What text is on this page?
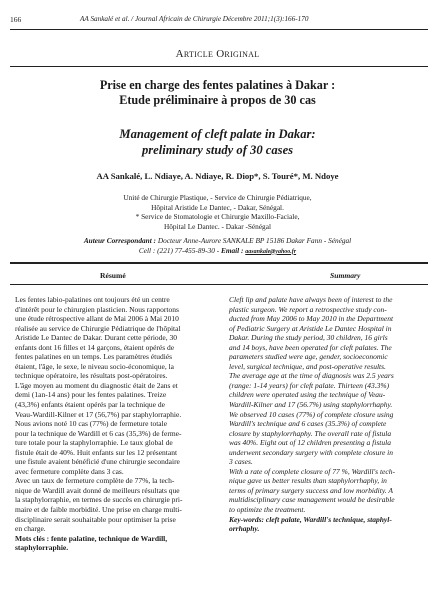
166	AA Sankalé et al. / Journal Africain de Chirurgie Décembre 2011;1(3):166-170
Article Original
Prise en charge des fentes palatines à Dakar :
Etude préliminaire à propos de 30 cas
Management of cleft palate in Dakar:
preliminary study of 30 cases
AA Sankalé, L. Ndiaye, A. Ndiaye, R. Diop*, S. Touré*, M. Ndoye
Unité de Chirurgie Plastique, - Service de Chirurgie Pédiatrique,
Hôpital Aristide Le Dantec, - Dakar, Sénégal.
* Service de Stomatologie et Chirurgie Maxillo-Faciale,
Hôpital Le Dantec. - Dakar -Sénégal
Auteur Correspondant : Docteur Anne-Aurore SANKALE BP 15186 Dakar Fann - Sénégal
Cell : (221) 77-455-89-30 - Email : aasankale@yahoo.fr
Résumé	Summary

Les fentes labio-palatines ont toujours été un centre
d'intérêt pour le chirurgien plasticien. Nous rapportons
une étude rétrospective allant de Mai 2006 à Mai 2010
réalisée au service de Chirurgie Pédiatrique de l'hôpital
Aristide Le Dantec de Dakar. Durant cette période, 30
enfants dont 16 filles et 14 garçons, étaient opérés de
fentes palatines en un temps. Les paramètres étudiés
étaient, l'âge, le sexe, le niveau socio-économique, la
technique opératoire, les résultats post-opératoires.
L'âge moyen au moment du diagnostic était de 2ans et
demi (1an-14 ans) pour les fentes palatines. Treize
(43,3%) enfants étaient opérés par la technique de
Veau-Wardill-Kilner et 17 (56,7%) par staphylorraphie.
Nous avions noté 10 cas (77%) de fermeture totale
pour la technique de Wardill et 6 cas (35,3%) de ferme-
ture totale pour la staphylorraphie. Le taux global de
fistule était de 40%. Huit enfants sur les 12 présentant
une fistule avaient bénéficié d'une chirurgie secondaire
avec fermeture complète dans 3 cas.
Avec un taux de fermeture complète de 77%, la tech-
nique de Wardill avait donné de meilleurs résultats que
la staphylorraphie, en termes de succès en chirurgie pri-
maire et de faible morbidité. Une prise en charge multi-
disciplinaire serait souhaitable pour optimiser la prise
en charge.

Mots clés : fente palatine, technique de Wardill,
staphylorraphie.

Cleft lip and palate have always been of interest to the
plastic surgeon. We report a retrospective study con-
ducted from May 2006 to May 2010 in the Department
of Pediatric Surgery at Aristide Le Dantec Hospital in
Dakar. During the study period, 30 children, 16 girls
and 14 boys, have been operated for cleft palates. The
parameters studied were age, gender, socioeconomic
level, surgical technique, and post-operative results.
The average age at the time of diagnosis was 2.5 years
(range: 1-14 years) for cleft palate. Thirteen (43.3%)
children were operated using the technique of Veau-
Wardill-Kilner and 17 (56.7%) using staphylorrhaphy.
We observed 10 cases (77%) of complete closure using
Wardill's technique and 6 cases (35.3%) of complete
closure by staphylorrhaphy. The overall rate of fistula
was 40%. Eight out of 12 children presenting a fistula
underwent secondary surgery with complete closure in
3 cases.
With a rate of complete closure of 77 %, Wardill's tech-
nique gave us better results than staphylorrhaphy, in
terms of primary surgery success and low morbidity. A
multidisciplinary case management would be desirable
to optimize the treatment.

Key-words: cleft palate, Wardill's technique, staphyl-
orrhaphy.
